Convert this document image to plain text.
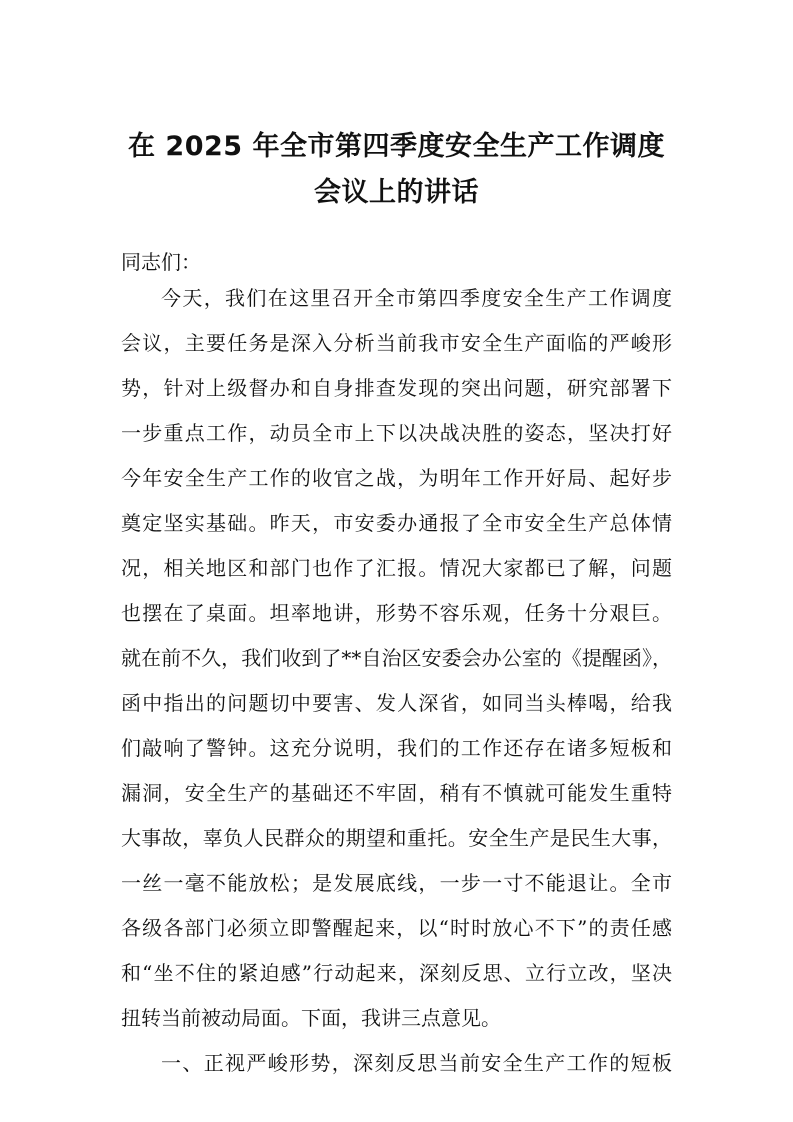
在 2025 年全市第四季度安全生产工作调度
会议上的讲话

同志们：

今天，我们在这里召开全市第四季度安全生产工作调度

会议，主要任务是深入分析当前我市安全生产面临的严峻形

势，针对上级督办和自身排查发现的突出问题，研究部署下

一步重点工作，动员全市上下以决战决胜的姿态，坚决打好

今年安全生产工作的收官之战，为明年工作开好局、起好步

奠定坚实基础。昨天，市安委办通报了全市安全生产总体情

况，相关地区和部门也作了汇报。情况大家都已了解，问题

也摆在了桌面。坦率地讲，形势不容乐观，任务十分艰巨。

就在前不久，我们收到了**自治区安委会办公室的《提醒函》，

函中指出的问题切中要害、发人深省，如同当头棒喝，给我

们敲响了警钟。这充分说明，我们的工作还存在诸多短板和

漏洞，安全生产的基础还不牢固，稍有不慎就可能发生重特

大事故，辜负人民群众的期望和重托。安全生产是民生大事，

一丝一毫不能放松；是发展底线，一步一寸不能退让。全市

各级各部门必须立即警醒起来，以“时时放心不下”的责任感

和“坐不住的紧迫感”行动起来，深刻反思、立行立改，坚决

扭转当前被动局面。下面，我讲三点意见。

一、正视严峻形势，深刻反思当前安全生产工作的短板
